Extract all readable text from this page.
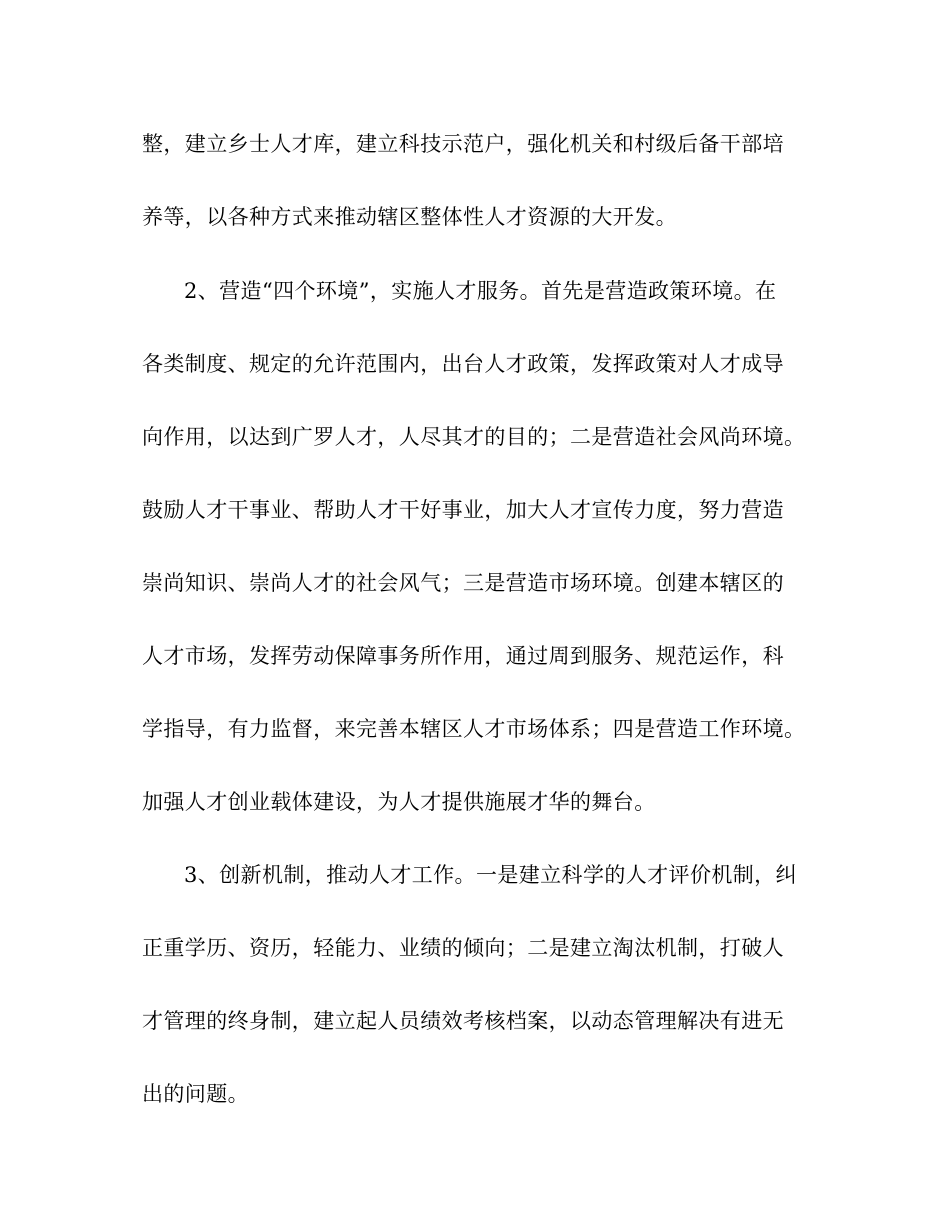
整，建立乡士人才库，建立科技示范户，强化机关和村级后备干部培

养等，以各种方式来推动辖区整体性人才资源的大开发。

2、营造“四个环境”，实施人才服务。首先是营造政策环境。在

各类制度、规定的允许范围内，出台人才政策，发挥政策对人才成导

向作用，以达到广罗人才，人尽其才的目的；二是营造社会风尚环境。

鼓励人才干事业、帮助人才干好事业，加大人才宣传力度，努力营造

崇尚知识、崇尚人才的社会风气；三是营造市场环境。创建本辖区的

人才市场，发挥劳动保障事务所作用，通过周到服务、规范运作，科

学指导，有力监督，来完善本辖区人才市场体系；四是营造工作环境。

加强人才创业载体建设，为人才提供施展才华的舞台。

3、创新机制，推动人才工作。一是建立科学的人才评价机制，纠

正重学历、资历，轻能力、业绩的倾向；二是建立淘汰机制，打破人

才管理的终身制，建立起人员绩效考核档案，以动态管理解决有进无

出的问题。
